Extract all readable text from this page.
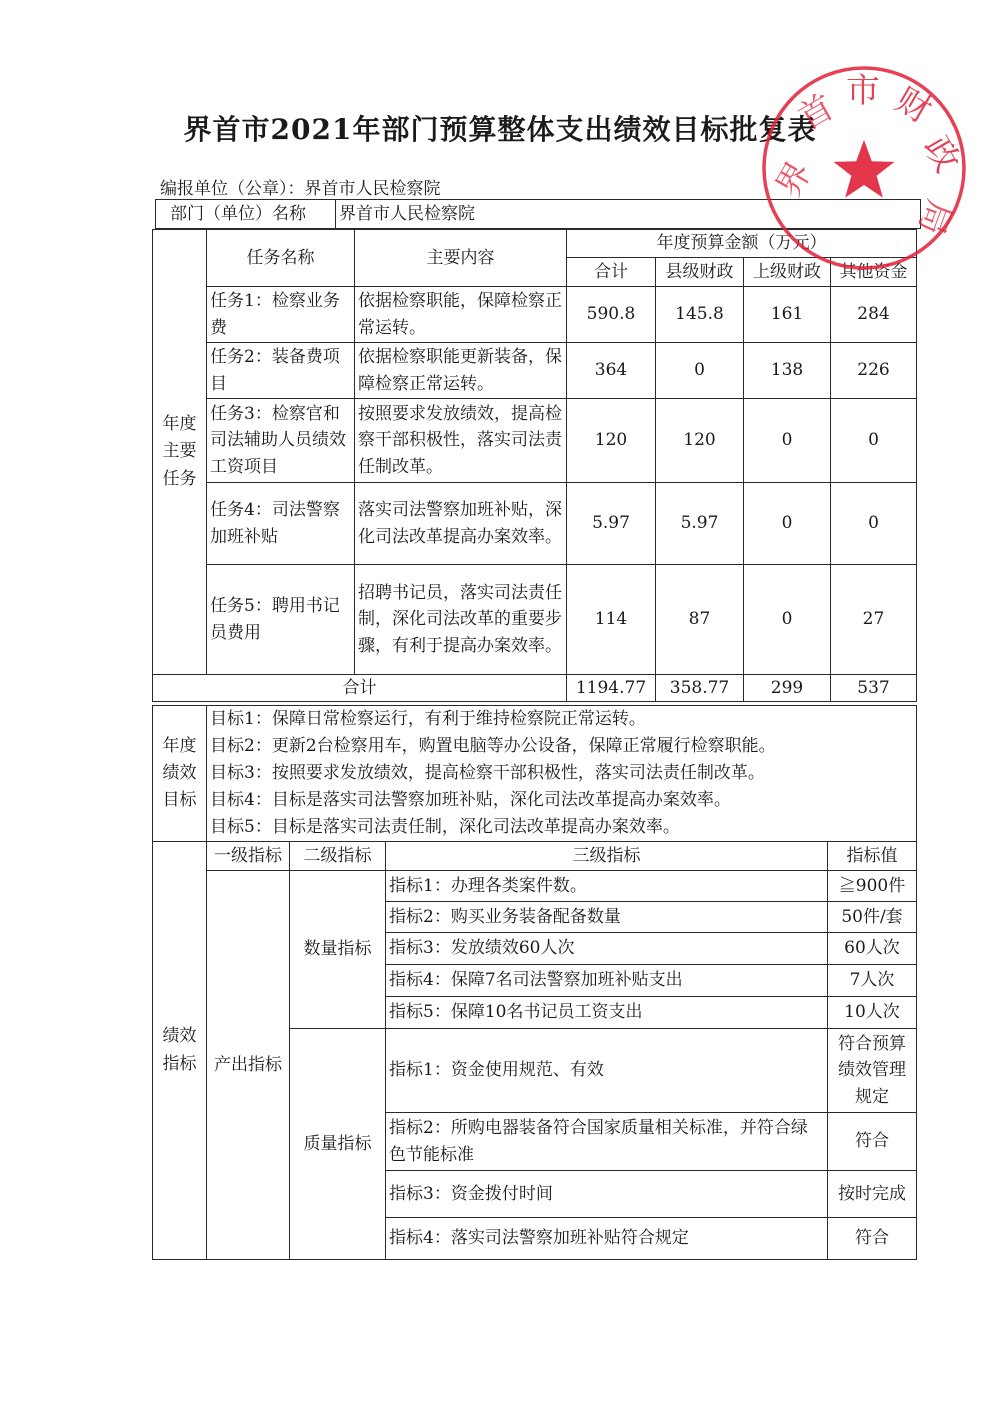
界首市2021年部门预算整体支出绩效目标批复表
编报单位（公章）：界首市人民检察院
部门（单位）名称	界首市人民检察院
年度主要任务	任务名称	主要内容	年度预算金额（万元）			
			合计	县级财政	上级财政	其他资金
	任务1：检察业务费	依据检察职能，保障检察正常运转。	590.8	145.8	161	284
	任务2：装备费项目	依据检察职能更新装备，保障检察正常运转。	364	0	138	226
	任务3：检察官和司法辅助人员绩效工资项目	按照要求发放绩效，提高检察干部积极性，落实司法责任制改革。	120	120	0	0
	任务4：司法警察加班补贴	落实司法警察加班补贴，深化司法改革提高办案效率。	5.97	5.97	0	0
	任务5：聘用书记员费用	招聘书记员，落实司法责任制，深化司法改革的重要步骤，有利于提高办案效率。	114	87	0	27
合计			1194.77	358.77	299	537
年度绩效目标	
目标1：保障日常检察运行，有利于维持检察院正常运转。
目标2：更新2台检察用车，购置电脑等办公设备，保障正常履行检察职能。
目标3：按照要求发放绩效，提高检察干部积极性，落实司法责任制改革。
目标4：目标是落实司法警察加班补贴，深化司法改革提高办案效率。
目标5：目标是落实司法责任制，深化司法改革提高办案效率。
绩效指标	一级指标	二级指标	三级指标	指标值
	产出指标	数量指标	指标1：办理各类案件数。	≧900件
			指标2：购买业务装备配备数量	50件/套
			指标3：发放绩效60人次	60人次
			指标4：保障7名司法警察加班补贴支出	7人次
			指标5：保障10名书记员工资支出	10人次
		质量指标	指标1：资金使用规范、有效	符合预算绩效管理规定
			指标2：所购电器装备符合国家质量相关标准，并符合绿色节能标准	符合
			指标3：资金拨付时间	按时完成
			指标4：落实司法警察加班补贴符合规定	符合
界
首 市 财
政
局
